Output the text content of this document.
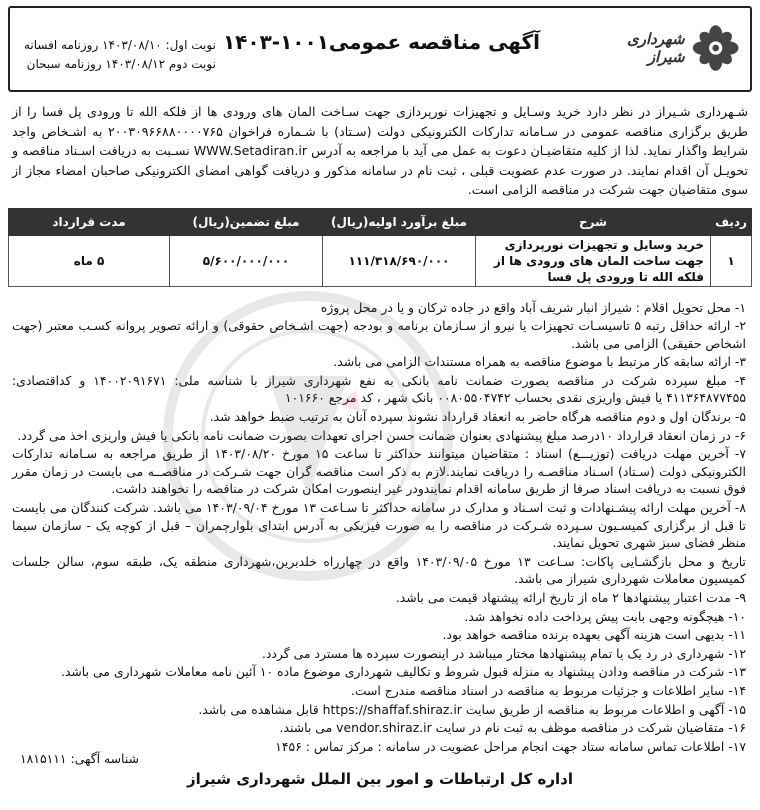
شهرداری شیراز
آگهی مناقصه عمومی۱۰۰۱-۱۴۰۳
نوبت اول: ۱۴۰۳/۰۸/۱۰ روزنامه افسانه
نوبت دوم ۱۴۰۳/۰۸/۱۲ روزنامه سبحان
شـهرداری شـیراز در نظر دارد خرید وسـایل و تجهیزات نورپردازی جهت سـاخت المان های ورودی ها از فلکه الله تا ورودی پل فسا را از طریق برگزاری مناقصه عمومی در سـامانه تدارکات الکترونیکی دولت (سـتاد) با شـماره فراخوان ۲۰۰۳۰۹۶۶۸۸۰۰۰۰۷۶۵ به اشـخاص واجد شرایط واگذار نماید. لذا از کلیه متقاضیـان دعوت به عمل می آید با مراجعه به آدرس WWW.Setadiran.ir نسـبت به دریافت اسـناد مناقصه و تحویـل آن اقدام نمایند. در صورت عدم عضویت قبلی ، ثبت نام در سامانه مذکور و دریافت گواهی امضای الکترونیکی صاحبان امضاء مجاز از سوی متقاضیان جهت شرکت در مناقصه الزامی است.
ردیف	شرح	مبلغ برآورد اولیه(ریال)	مبلغ تضمین(ریال)	مدت قرارداد
۱	خرید وسایل و تجهیزات نورپردازی جهت ساخت المان های ورودی ها از فلکه الله تا ورودی پل فسا	۱۱۱/۳۱۸/۶۹۰/۰۰۰	۵/۶۰۰/۰۰۰/۰۰۰	۵ ماه

۱- محل تحویل اقلام : شیراز انبار شریف آباد واقع در جاده ترکان و یا در محل پروژه

۲- ارائه حداقل رتبه ۵ تاسیسـات تجهیزات یا نیرو از سـازمان برنامه و بودجه (جهت اشـخاص حقوقی) و ارائه تصویر پروانه کسـب معتبر (جهت اشخاص حقیقی) الزامی می باشد.

۳- ارائه سابقه کار مرتبط با موضوع مناقصه به همراه مستندات الزامی می باشد.

۴- مبلغ سپرده شرکت در مناقصه بصورت ضمانت نامه بانکی به نفع شهرداری شیراز با شناسه ملی: ۱۴۰۰۲۰۹۱۶۷۱ و کداقتصادی: ۴۱۱۳۶۴۸۷۷۴۵۵ یا فیش واریزی نقدی بحساب ۰۰۸۰۵۵۰۴۷۴۲ بانک شهر ، کد مرجع ۱۰۱۶۶۰

۵- برندگان اول و دوم مناقصه هرگاه حاضر به انعقاد قرارداد نشوند سپرده آنان به ترتیب ضبط خواهد شد.

۶- در زمان انعقاد قرارداد ۱۰درصد مبلغ پیشنهادی بعنوان ضمانت حسن اجرای تعهدات بصورت ضمانت نامه بانکی یا فیش واریزی اخذ می گردد.

۷- آخرین مهلت دریافت (توزیـــع) اسناد : متقاضیان میتوانند حداکثر تا ساعت ۱۵ مورخ ۱۴۰۳/۰۸/۲۰ از طریق مراجعه به سـامانه تدارکات الکترونیکی دولت (سـتاد) اسـناد مناقصـه را دریافت نمایند.لازم به ذکر است مناقصه گران جهت شـرکت در مناقصــه می بایست در زمان مقرر فوق نسبت به دریافت اسناد صرفا از طریق سامانه اقدام نمایندودر غیر اینصورت امکان شرکت در مناقصه را نخواهند داشت.

۸- آخرین مهلت ارائه پیشـنهادات و ثبت اسـناد و مدارک در سامانه حداکثر تا سـاعت ۱۳ مورخ ۱۴۰۳/۰۹/۰۴ می باشد. شرکت کنندگان می بایست تا قبل از برگزاری کمیسـیون سـپرده شـرکت در مناقصه را به صورت فیزیکی به آدرس ابتدای بلوارچمران – قبل از کوچه یک - سازمان سیما منظر فضای سبز شهری تحویل نمایند.

تاریخ و محل بازگشـایی پاکات: سـاعت ۱۳ مورخ ۱۴۰۳/۰۹/۰۵ واقع در چهارراه خلدبرین،شهرداری منطقه یک، طبقه سوم، سالن جلسات کمیسیون معاملات شهرداری شیراز می باشد.

۹- مدت اعتبار پیشنهادها ۲ ماه از تاریخ ارائه پیشنهاد قیمت می باشد.

۱۰- هیچگونه وجهی بابت پیش پرداخت داده نخواهد شد.

۱۱- بدیهی است هزینه آگهی بعهده برنده مناقصه خواهد بود.

۱۲- شهرداری در رد یک یا تمام پیشنهادها مختار میباشد در اینصورت سپرده ها مسترد می گردد.

۱۳- شرکت در مناقصه ودادن پیشنهاد به منزله قبول شروط و تکالیف شهرداری موضوع ماده ۱۰ آئین نامه معاملات شهرداری می باشد.

۱۴- سایر اطلاعات و جزئیات مربوط به مناقصه در اسناد مناقصه مندرج است.

۱۵- آگهی و اطلاعات مربوط به مناقصه از طریق سایت https://shaffaf.shiraz.ir قابل مشاهده می باشد.

۱۶- متقاضیان شرکت در مناقصه موظف به ثبت نام در سایت vendor.shiraz.ir می باشند.

۱۷- اطلاعات تماس سامانه ستاد جهت انجام مراحل عضویت در سامانه : مرکز تماس : ۱۴۵۶

شناسه آگهی: ۱۸۱۵۱۱۱
اداره کل ارتباطات و امور بین الملل شهرداری شیراز
